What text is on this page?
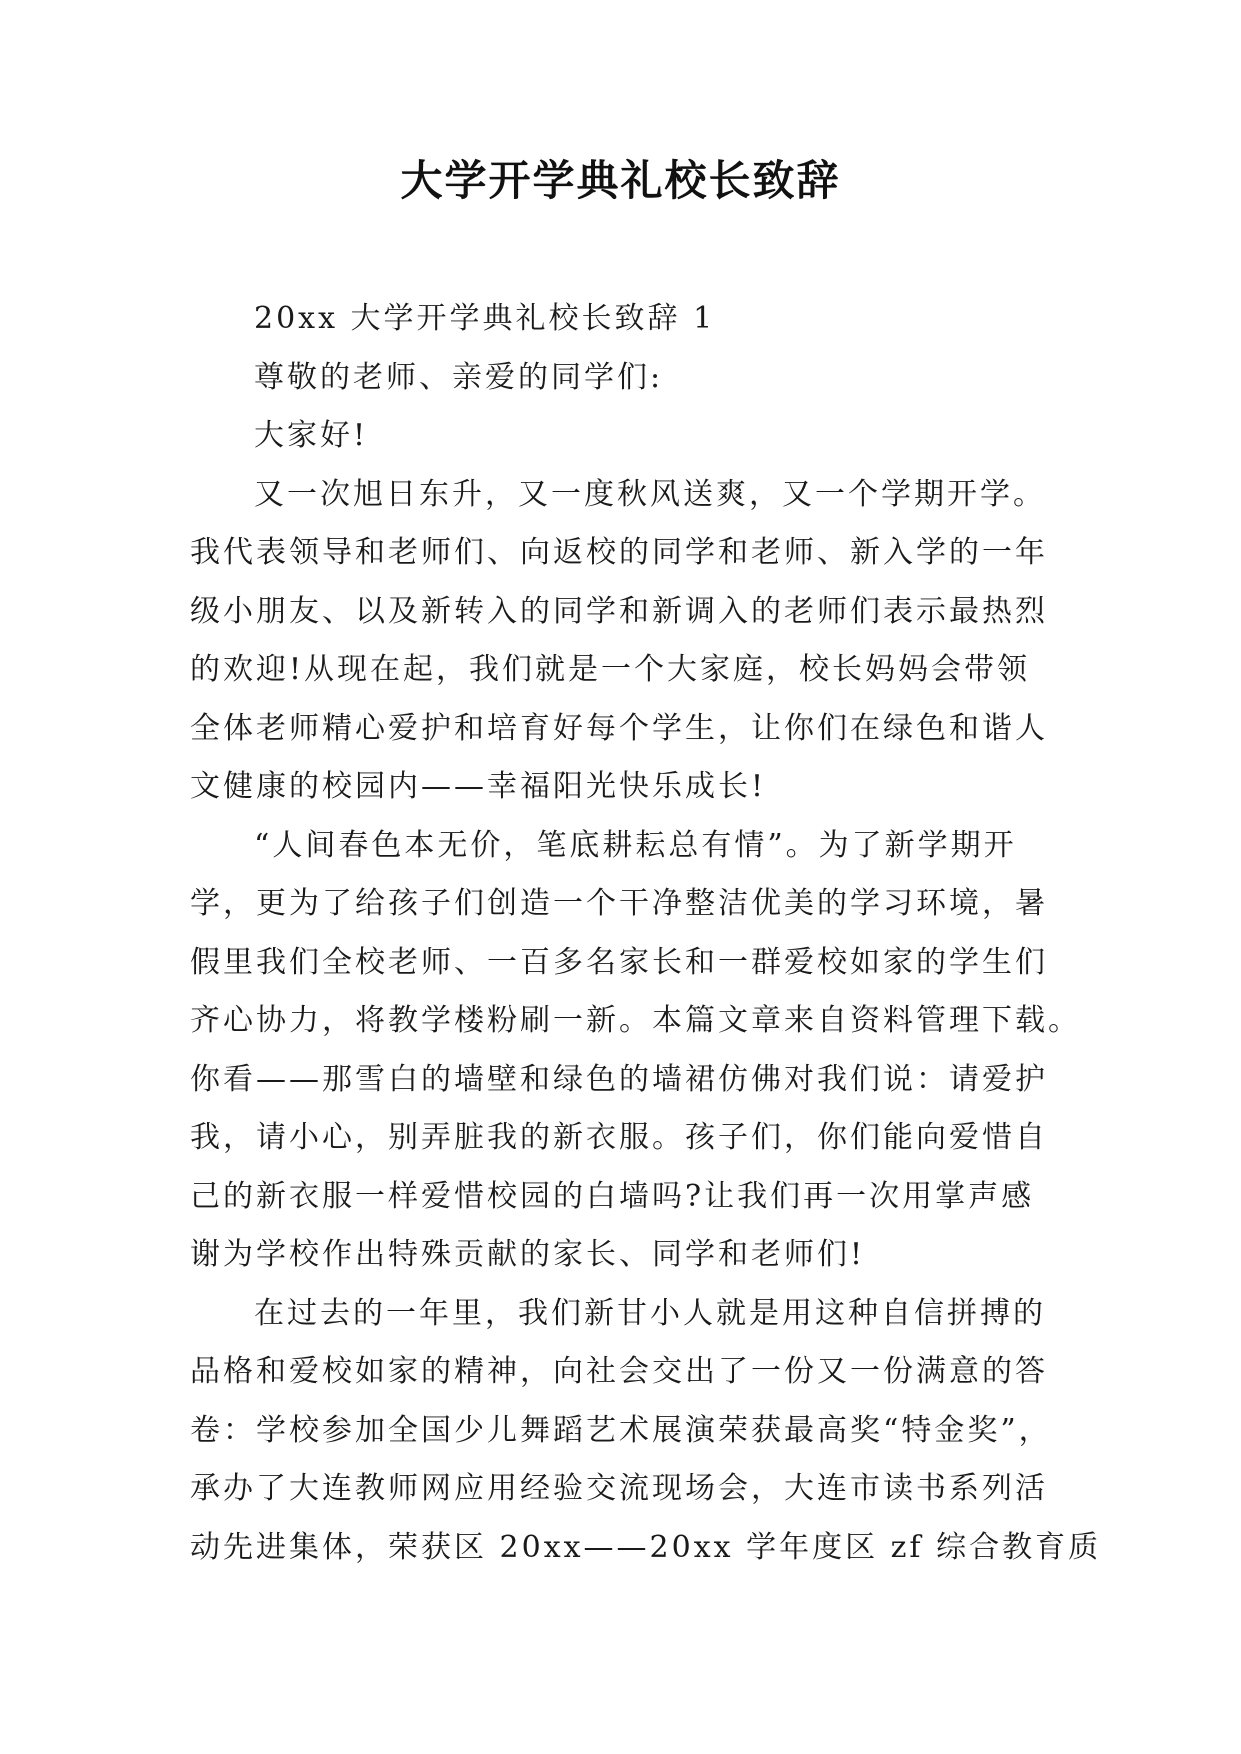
大学开学典礼校长致辞
20xx 大学开学典礼校长致辞 1
尊敬的老师、亲爱的同学们:
大家好!
又一次旭日东升，又一度秋风送爽，又一个学期开学。
我代表领导和老师们、向返校的同学和老师、新入学的一年
级小朋友、以及新转入的同学和新调入的老师们表示最热烈
的欢迎!从现在起，我们就是一个大家庭，校长妈妈会带领
全体老师精心爱护和培育好每个学生，让你们在绿色和谐人
文健康的校园内——幸福阳光快乐成长!
“人间春色本无价，笔底耕耘总有情”。为了新学期开
学，更为了给孩子们创造一个干净整洁优美的学习环境，暑
假里我们全校老师、一百多名家长和一群爱校如家的学生们
齐心协力，将教学楼粉刷一新。本篇文章来自资料管理下载。
你看——那雪白的墙壁和绿色的墙裙仿佛对我们说：请爱护
我，请小心，别弄脏我的新衣服。孩子们，你们能向爱惜自
己的新衣服一样爱惜校园的白墙吗?让我们再一次用掌声感
谢为学校作出特殊贡献的家长、同学和老师们!
在过去的一年里，我们新甘小人就是用这种自信拼搏的
品格和爱校如家的精神，向社会交出了一份又一份满意的答
卷：学校参加全国少儿舞蹈艺术展演荣获最高奖“特金奖”，
承办了大连教师网应用经验交流现场会，大连市读书系列活
动先进集体，荣获区 20xx——20xx 学年度区 zf 综合教育质
